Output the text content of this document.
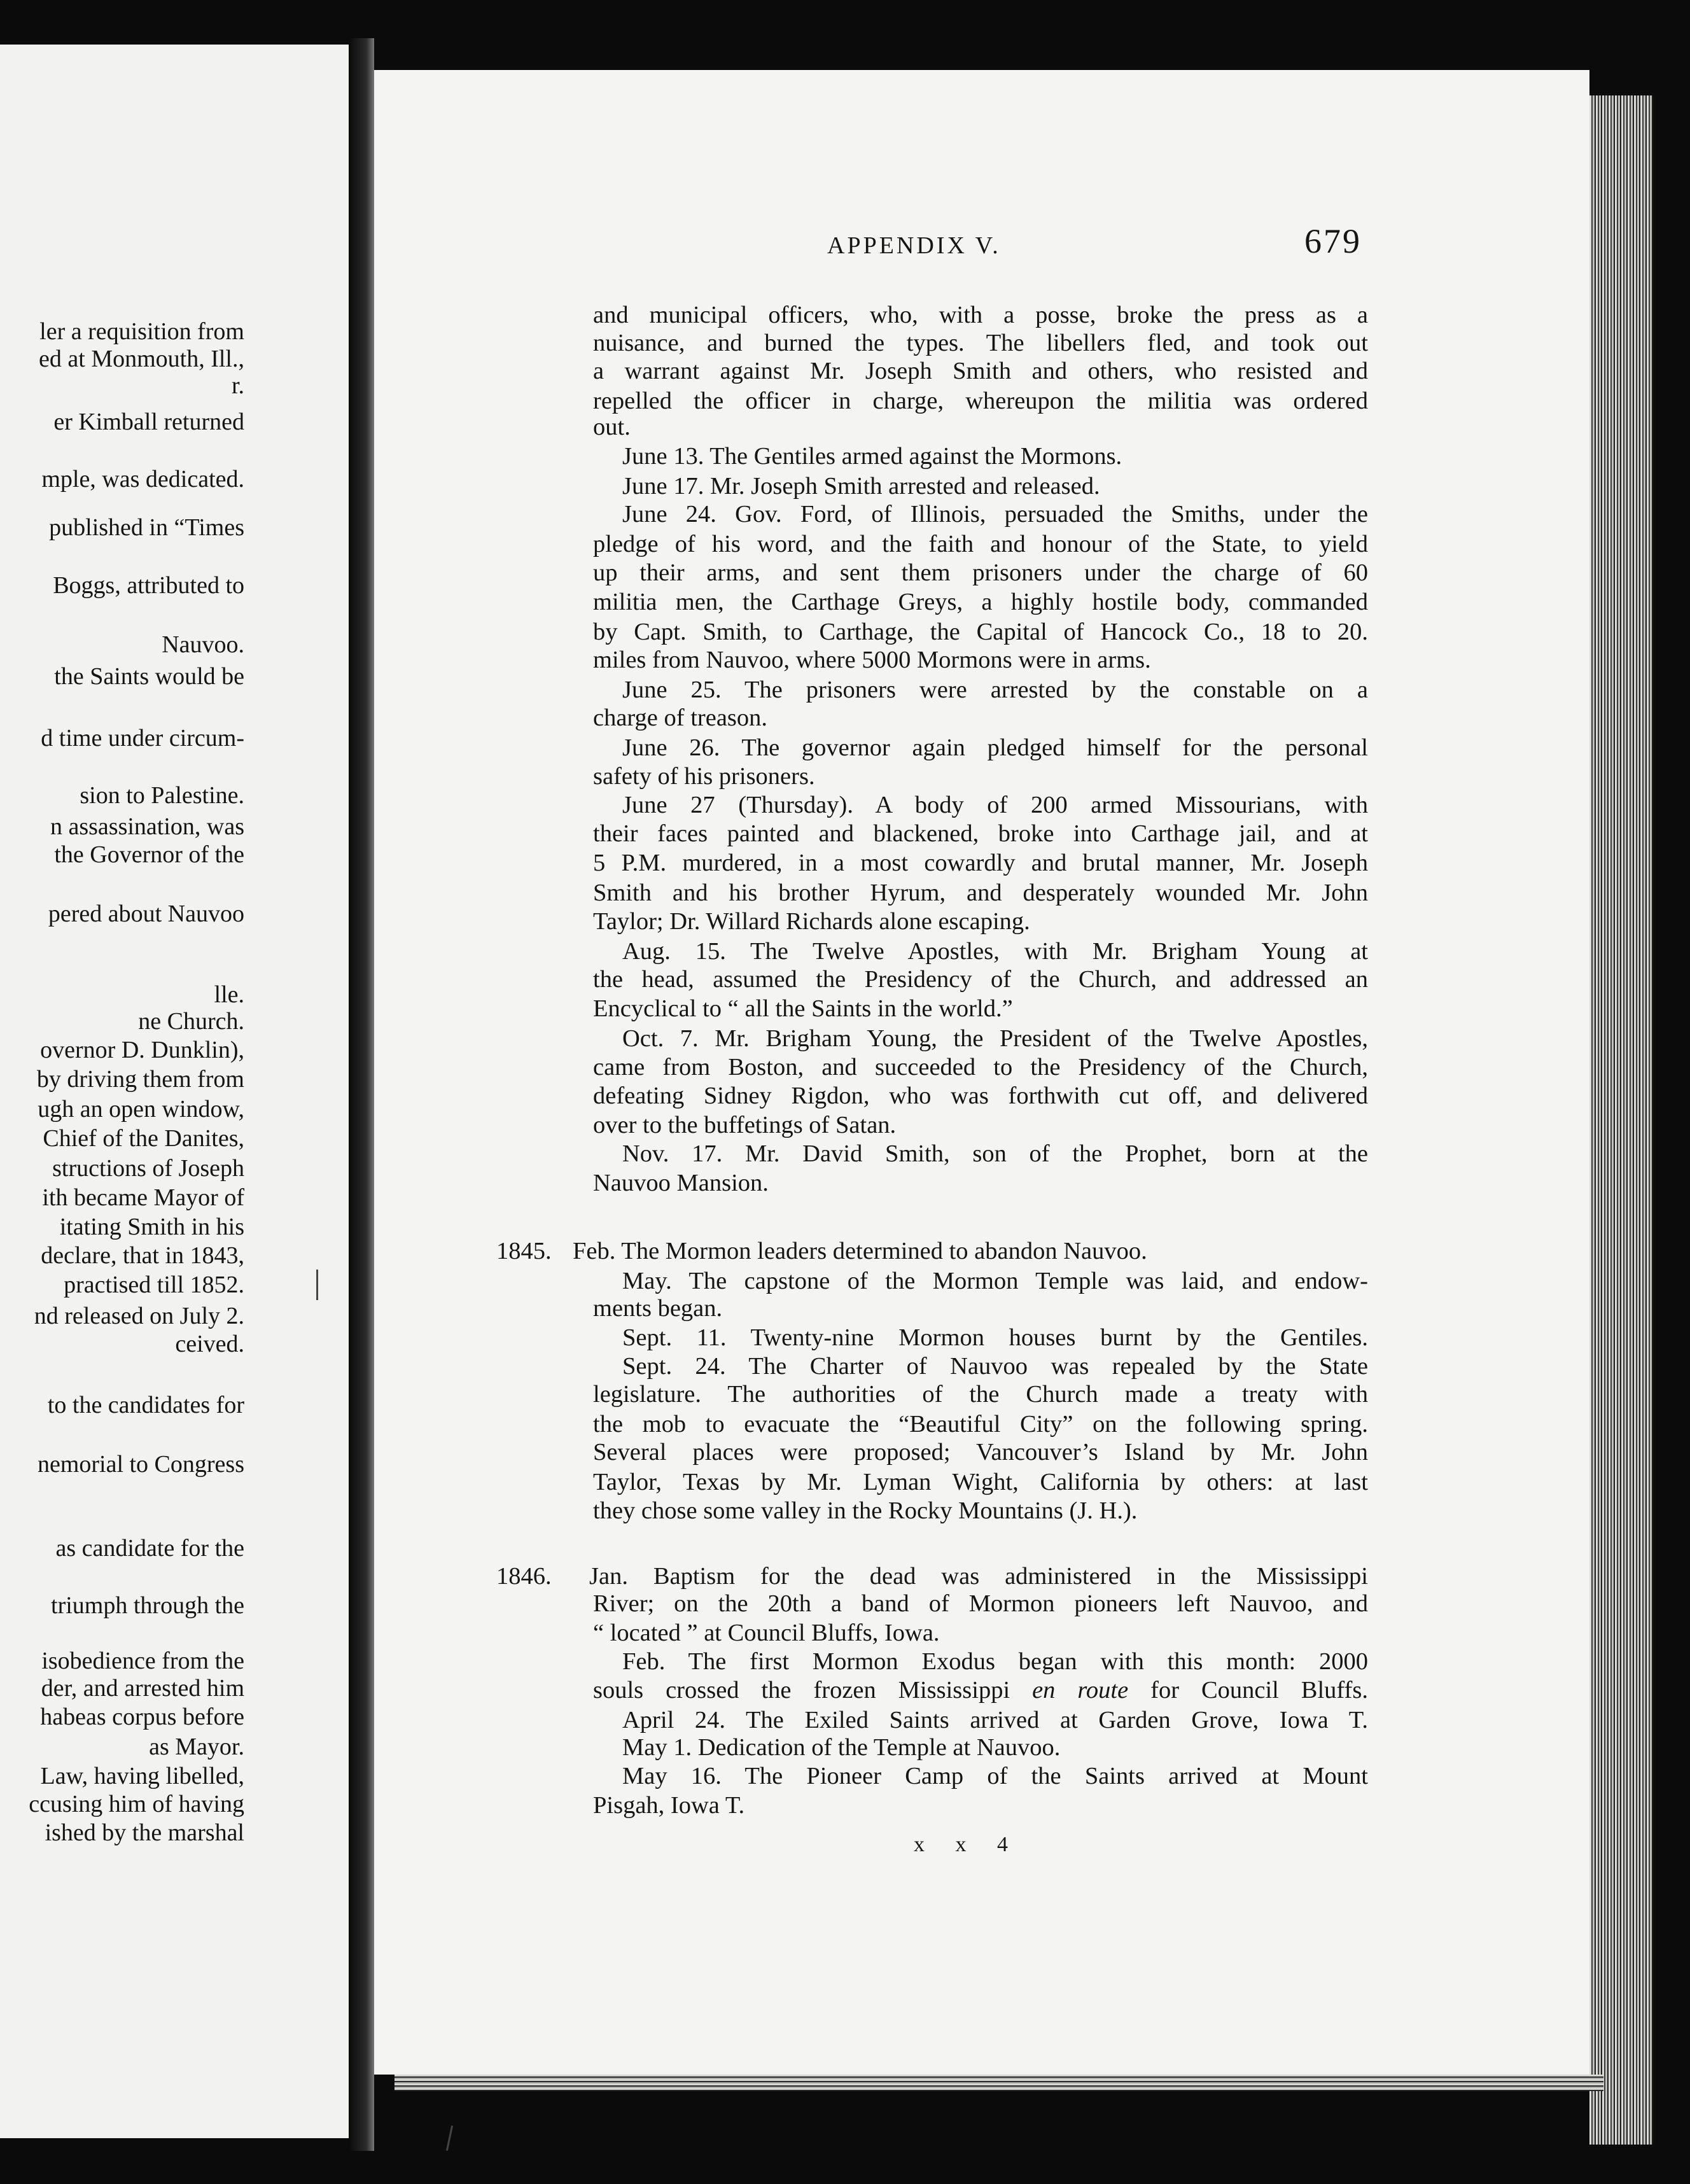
ler a requisition from
ed at Monmouth, Ill.,
r.
er Kimball returned
mple, was dedicated.
published in “Times
Boggs, attributed to
Nauvoo.
the Saints would be
d time under circum-
sion to Palestine.
n assassination, was
the Governor of the
pered about Nauvoo
lle.
ne Church.
overnor D. Dunklin),
by driving them from
ugh an open window,
Chief of the Danites,
structions of Joseph
ith became Mayor of
itating Smith in his
declare, that in 1843,
practised till 1852.
nd released on July 2.
ceived.
to the candidates for
nemorial to Congress
as candidate for the
triumph through the
isobedience from the
der, and arrested him
habeas corpus before
as Mayor.
Law, having libelled,
ccusing him of having
ished by the marshal
APPENDIX V.	679
and municipal officers, who, with a posse, broke the press as a
nuisance, and burned the types. The libellers fled, and took out
a warrant against Mr. Joseph Smith and others, who resisted and
repelled the officer in charge, whereupon the militia was ordered
out.
June 13. The Gentiles armed against the Mormons.
June 17. Mr. Joseph Smith arrested and released.
June 24. Gov. Ford, of Illinois, persuaded the Smiths, under the
pledge of his word, and the faith and honour of the State, to yield
up their arms, and sent them prisoners under the charge of 60
militia men, the Carthage Greys, a highly hostile body, commanded
by Capt. Smith, to Carthage, the Capital of Hancock Co., 18 to 20.
miles from Nauvoo, where 5000 Mormons were in arms.
June 25. The prisoners were arrested by the constable on a
charge of treason.
June 26. The governor again pledged himself for the personal
safety of his prisoners.
June 27 (Thursday). A body of 200 armed Missourians, with
their faces painted and blackened, broke into Carthage jail, and at
5 P.M. murdered, in a most cowardly and brutal manner, Mr. Joseph
Smith and his brother Hyrum, and desperately wounded Mr. John
Taylor; Dr. Willard Richards alone escaping.
Aug. 15. The Twelve Apostles, with Mr. Brigham Young at
the head, assumed the Presidency of the Church, and addressed an
Encyclical to “ all the Saints in the world.”
Oct. 7. Mr. Brigham Young, the President of the Twelve Apostles,
came from Boston, and succeeded to the Presidency of the Church,
defeating Sidney Rigdon, who was forthwith cut off, and delivered
over to the buffetings of Satan.
Nov. 17. Mr. David Smith, son of the Prophet, born at the
Nauvoo Mansion.
Feb. The Mormon leaders determined to abandon Nauvoo.
May. The capstone of the Mormon Temple was laid, and endow-
ments began.
Sept. 11. Twenty-nine Mormon houses burnt by the Gentiles.
Sept. 24. The Charter of Nauvoo was repealed by the State
legislature. The authorities of the Church made a treaty with
the mob to evacuate the “Beautiful City” on the following spring.
Several places were proposed; Vancouver’s Island by Mr. John
Taylor, Texas by Mr. Lyman Wight, California by others: at last
they chose some valley in the Rocky Mountains (J. H.).
Jan. Baptism for the dead was administered in the Mississippi
River; on the 20th a band of Mormon pioneers left Nauvoo, and
“ located ” at Council Bluffs, Iowa.
Feb. The first Mormon Exodus began with this month: 2000
souls crossed the frozen Mississippi en route for Council Bluffs.
April 24. The Exiled Saints arrived at Garden Grove, Iowa T.
May 1. Dedication of the Temple at Nauvoo.
May 16. The Pioneer Camp of the Saints arrived at Mount
Pisgah, Iowa T.
1845.
1846.
x x 4
